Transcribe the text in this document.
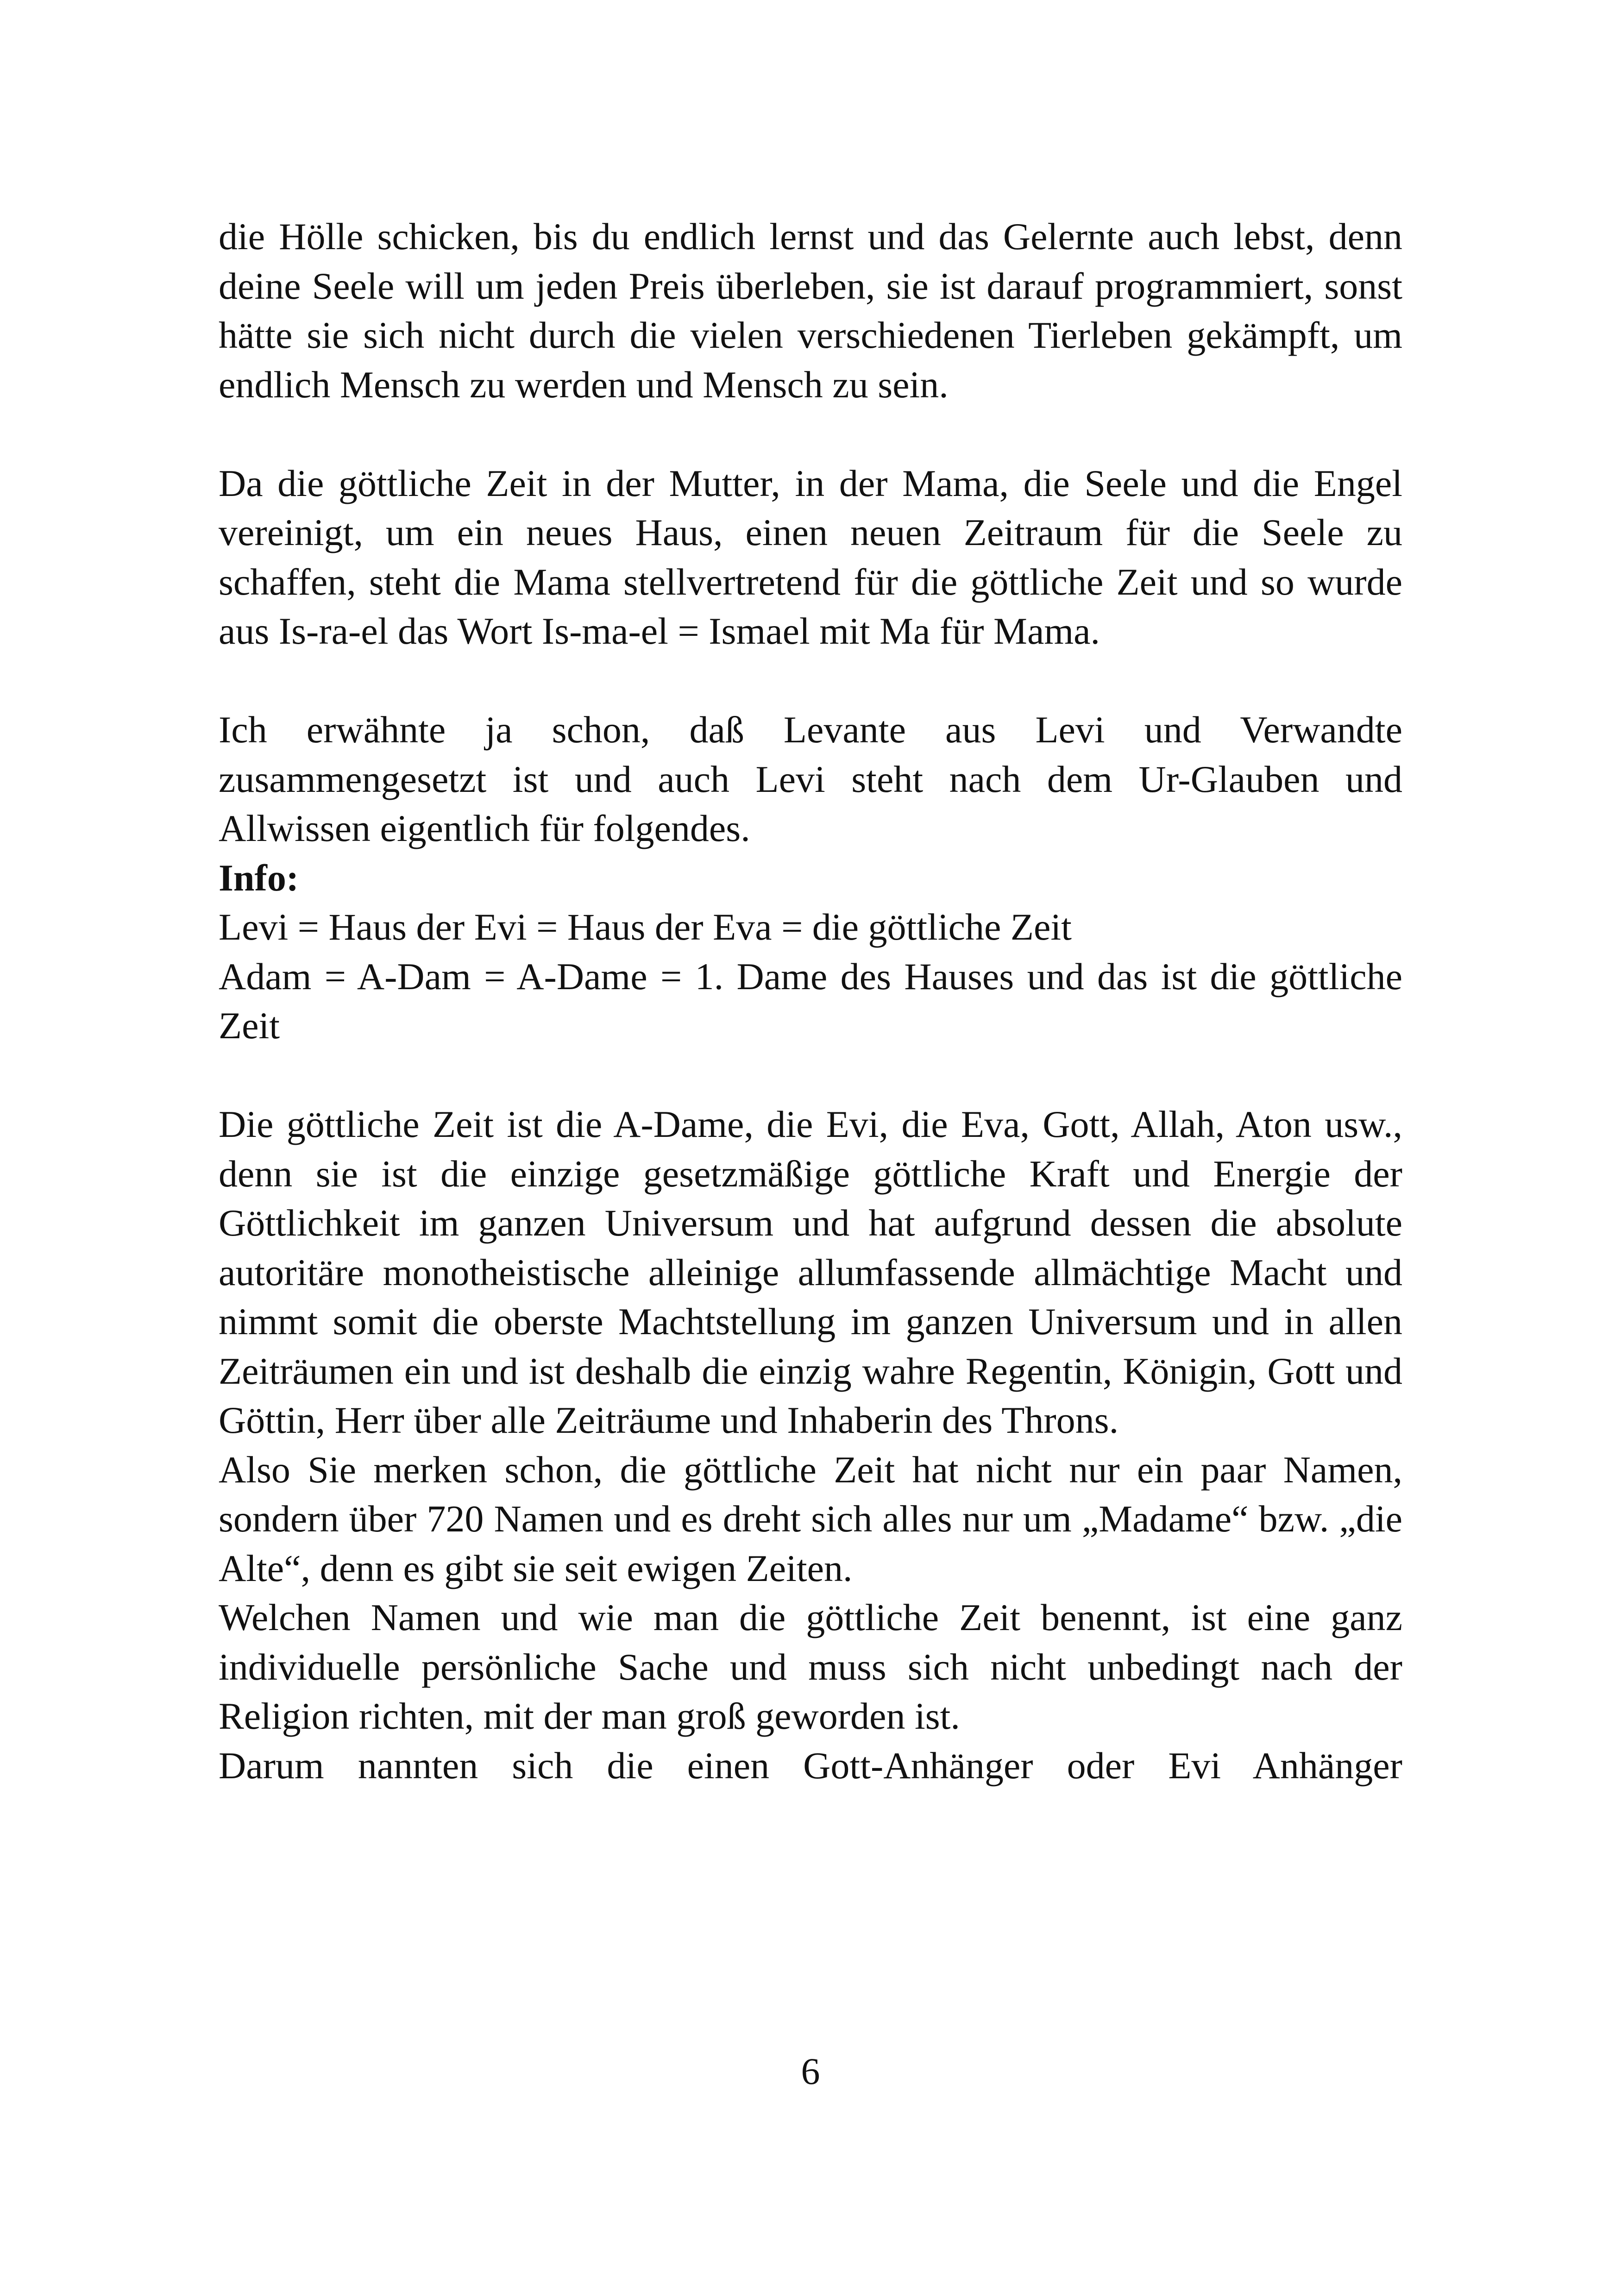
die Hölle schicken, bis du endlich lernst und das Gelernte auch lebst, denn deine Seele will um jeden Preis überleben, sie ist darauf programmiert, sonst hätte sie sich nicht durch die vielen verschiedenen Tierleben gekämpft, um endlich Mensch zu werden und Mensch zu sein.

Da die göttliche Zeit in der Mutter, in der Mama, die Seele und die Engel vereinigt, um ein neues Haus, einen neuen Zeitraum für die Seele zu schaffen, steht die Mama stellvertretend für die göttliche Zeit und so wurde aus Is-ra-el das Wort Is-ma-el = Ismael mit Ma für Mama.

Ich erwähnte ja schon, daß Levante aus Levi und Verwandte zusammengesetzt ist und auch Levi steht nach dem Ur-Glauben und Allwissen eigentlich für folgendes.

Info:
Levi = Haus der Evi = Haus der Eva = die göttliche Zeit

Adam = A-Dam = A-Dame = 1. Dame des Hauses und das ist die göttliche Zeit

Die göttliche Zeit ist die A-Dame, die Evi, die Eva, Gott, Allah, Aton usw., denn sie ist die einzige gesetzmäßige göttliche Kraft und Energie der Göttlichkeit im ganzen Universum und hat aufgrund dessen die absolute autoritäre monotheistische alleinige allumfassende allmächtige Macht und nimmt somit die oberste Machtstellung im ganzen Universum und in allen Zeiträumen ein und ist deshalb die einzig wahre Regentin, Königin, Gott und Göttin, Herr über alle Zeiträume und Inhaberin des Throns.

Also Sie merken schon, die göttliche Zeit hat nicht nur ein paar Namen, sondern über 720 Namen und es dreht sich alles nur um „Madame“ bzw. „die Alte“, denn es gibt sie seit ewigen Zeiten.

Welchen Namen und wie man die göttliche Zeit benennt, ist eine ganz individuelle persönliche Sache und muss sich nicht unbedingt nach der Religion richten, mit der man groß geworden ist.

Darum nannten sich die einen Gott-Anhänger oder Evi Anhänger

6
